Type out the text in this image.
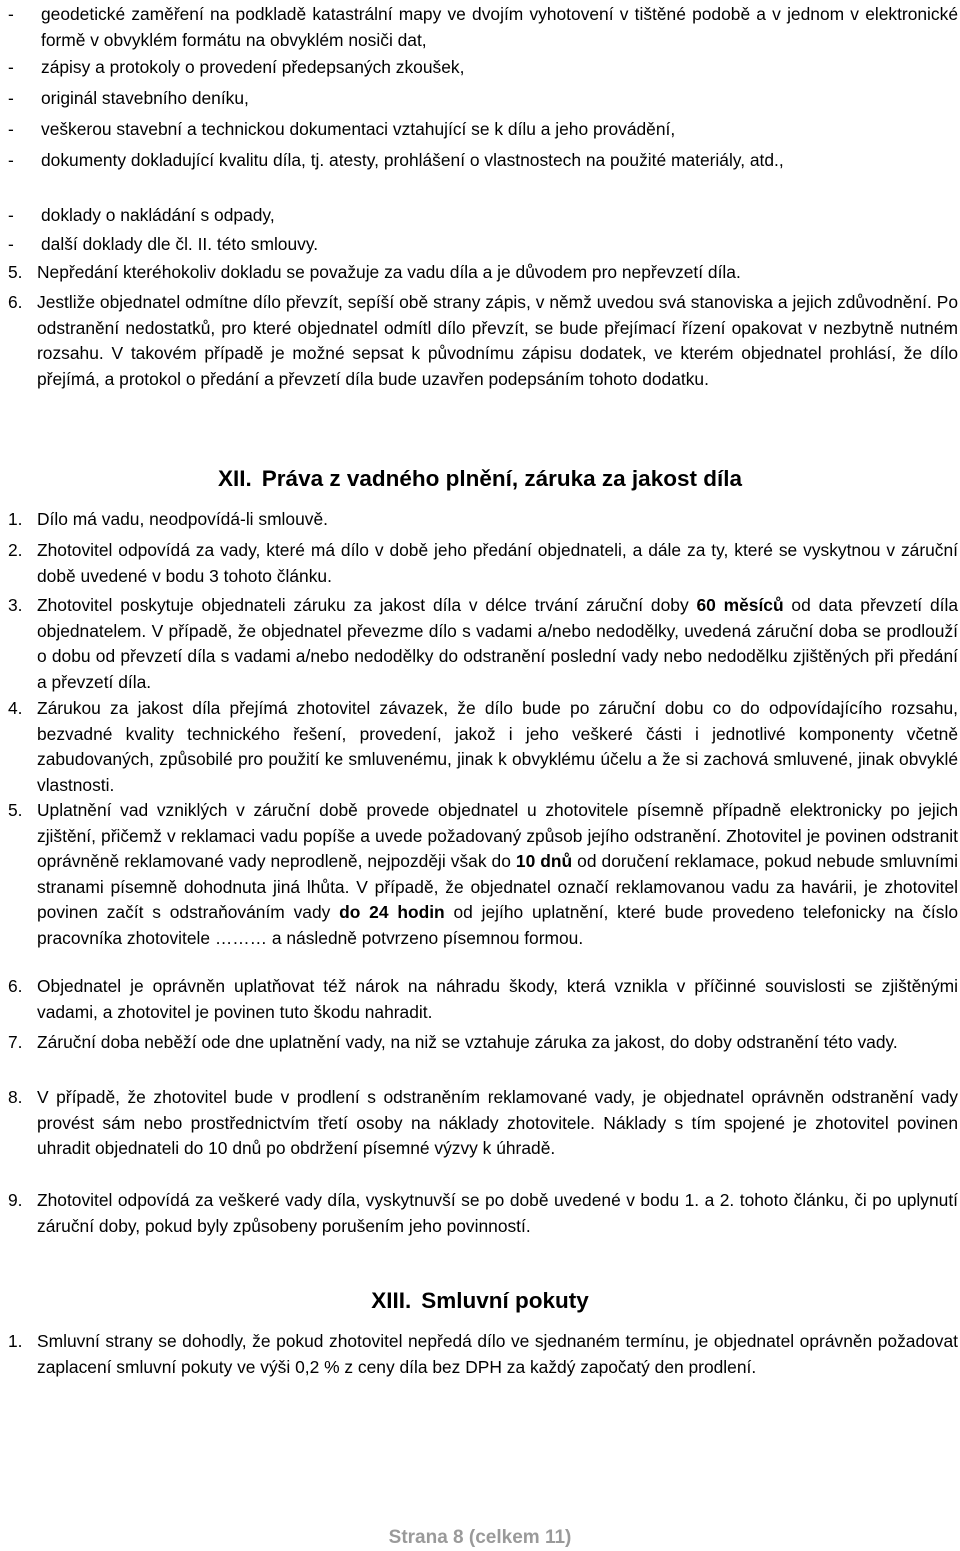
-	geodetické zaměření na podkladě katastrální mapy ve dvojím vyhotovení v tištěné podobě a v jednom v elektronické formě v obvyklém formátu na obvyklém nosiči dat,
-	zápisy a protokoly o provedení předepsaných zkoušek,
-	originál stavebního deníku,
-	veškerou stavební a technickou dokumentaci vztahující se k dílu a jeho provádění,
-	dokumenty dokladující kvalitu díla, tj. atesty, prohlášení o vlastnostech na použité materiály, atd.,
-	doklady o nakládání s odpady,
-	další doklady dle čl. II. této smlouvy.
5. Nepředání kteréhokoliv dokladu se považuje za vadu díla a je důvodem pro nepřevzetí díla.
6. Jestliže objednatel odmítne dílo převzít, sepíší obě strany zápis, v němž uvedou svá stanoviska a jejich zdůvodnění. Po odstranění nedostatků, pro které objednatel odmítl dílo převzít, se bude přejímací řízení opakovat v nezbytně nutném rozsahu. V takovém případě je možné sepsat k původnímu zápisu dodatek, ve kterém objednatel prohlásí, že dílo přejímá, a protokol o předání a převzetí díla bude uzavřen podepsáním tohoto dodatku.
XII. Práva z vadného plnění, záruka za jakost díla
1. Dílo má vadu, neodpovídá-li smlouvě.
2. Zhotovitel odpovídá za vady, které má dílo v době jeho předání objednateli, a dále za ty, které se vyskytnou v záruční době uvedené v bodu 3 tohoto článku.
3. Zhotovitel poskytuje objednateli záruku za jakost díla v délce trvání záruční doby 60 měsíců od data převzetí díla objednatelem. V případě, že objednatel převezme dílo s vadami a/nebo nedodělky, uvedená záruční doba se prodlouží o dobu od převzetí díla s vadami a/nebo nedodělky do odstranění poslední vady nebo nedodělku zjištěných při předání a převzetí díla.
4. Zárukou za jakost díla přejímá zhotovitel závazek, že dílo bude po záruční dobu co do odpovídajícího rozsahu, bezvadné kvality technického řešení, provedení, jakož i jeho veškeré části i jednotlivé komponenty včetně zabudovaných, způsobilé pro použití ke smluvenému, jinak k obvyklému účelu a že si zachová smluvené, jinak obvyklé vlastnosti.
5. Uplatnění vad vzniklých v záruční době provede objednatel u zhotovitele písemně případně elektronicky po jejich zjištění, přičemž v reklamaci vadu popíše a uvede požadovaný způsob jejího odstranění. Zhotovitel je povinen odstranit oprávněně reklamované vady neprodleně, nejpozději však do 10 dnů od doručení reklamace, pokud nebude smluvními stranami písemně dohodnuta jiná lhůta. V případě, že objednatel označí reklamovanou vadu za havárii, je zhotovitel povinen začít s odstraňováním vady do 24 hodin od jejího uplatnění, které bude provedeno telefonicky na číslo pracovníka zhotovitele ……… a následně potvrzeno písemnou formou.
6. Objednatel je oprávněn uplatňovat též nárok na náhradu škody, která vznikla v příčinné souvislosti se zjištěnými vadami, a zhotovitel je povinen tuto škodu nahradit.
7. Záruční doba neběží ode dne uplatnění vady, na niž se vztahuje záruka za jakost, do doby odstranění této vady.
8. V případě, že zhotovitel bude v prodlení s odstraněním reklamované vady, je objednatel oprávněn odstranění vady provést sám nebo prostřednictvím třetí osoby na náklady zhotovitele. Náklady s tím spojené je zhotovitel povinen uhradit objednateli do 10 dnů po obdržení písemné výzvy k úhradě.
9. Zhotovitel odpovídá za veškeré vady díla, vyskytnuvší se po době uvedené v bodu 1. a 2. tohoto článku, či po uplynutí záruční doby, pokud byly způsobeny porušením jeho povinností.
XIII. Smluvní pokuty
1. Smluvní strany se dohodly, že pokud zhotovitel nepředá dílo ve sjednaném termínu, je objednatel oprávněn požadovat zaplacení smluvní pokuty ve výši 0,2 % z ceny díla bez DPH za každý započatý den prodlení.
Strana 8 (celkem 11)
